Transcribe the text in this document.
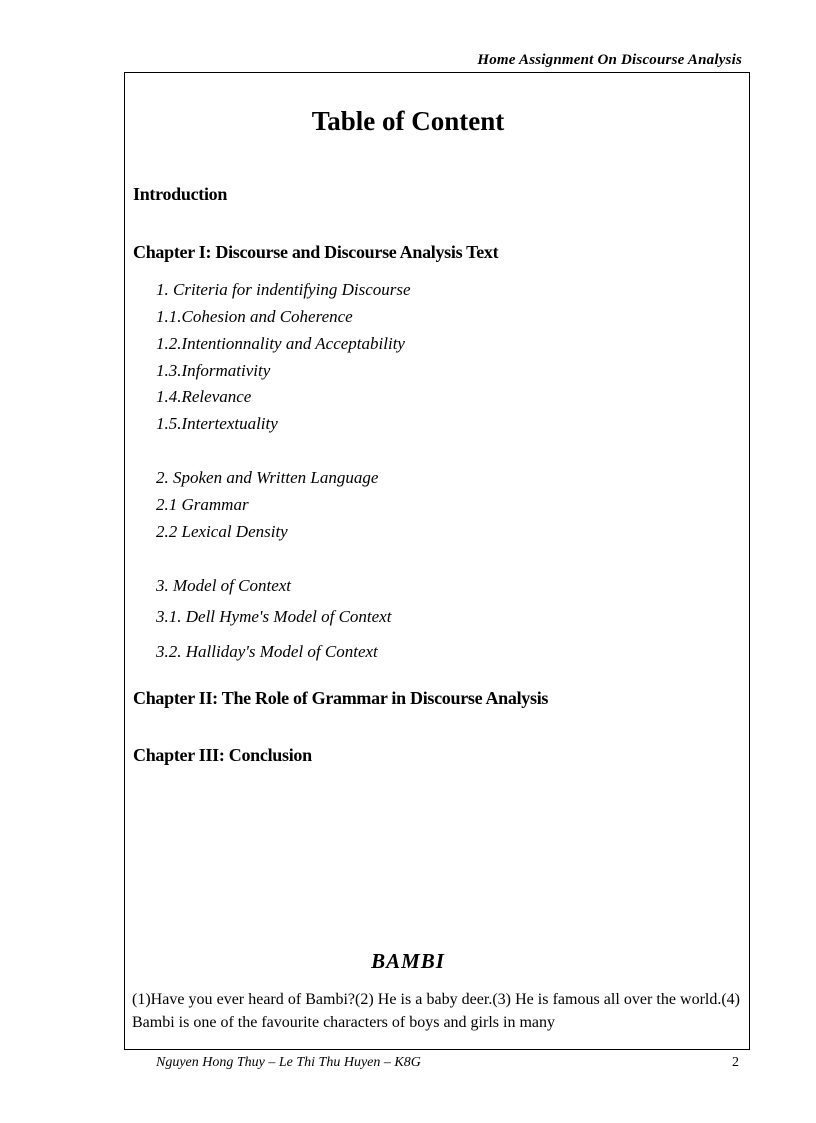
Home Assignment On Discourse Analysis
Table of Content
Introduction
Chapter I: Discourse and Discourse Analysis Text
1. Criteria for indentifying Discourse
1.1.Cohesion and Coherence
1.2.Intentionnality and Acceptability
1.3.Informativity
1.4.Relevance
1.5.Intertextuality
2. Spoken and Written Language
2.1 Grammar
2.2 Lexical Density
3. Model of Context
3.1. Dell Hyme's Model of Context
3.2. Halliday's Model of Context
Chapter II: The Role of Grammar in Discourse Analysis
Chapter III: Conclusion
BAMBI

(1)Have you ever heard of Bambi?(2) He is a baby deer.(3) He is famous all over the world.(4) Bambi is one of the favourite characters of boys and girls in many

Nguyen Hong Thuy – Le Thi Thu Huyen – K8G	2
